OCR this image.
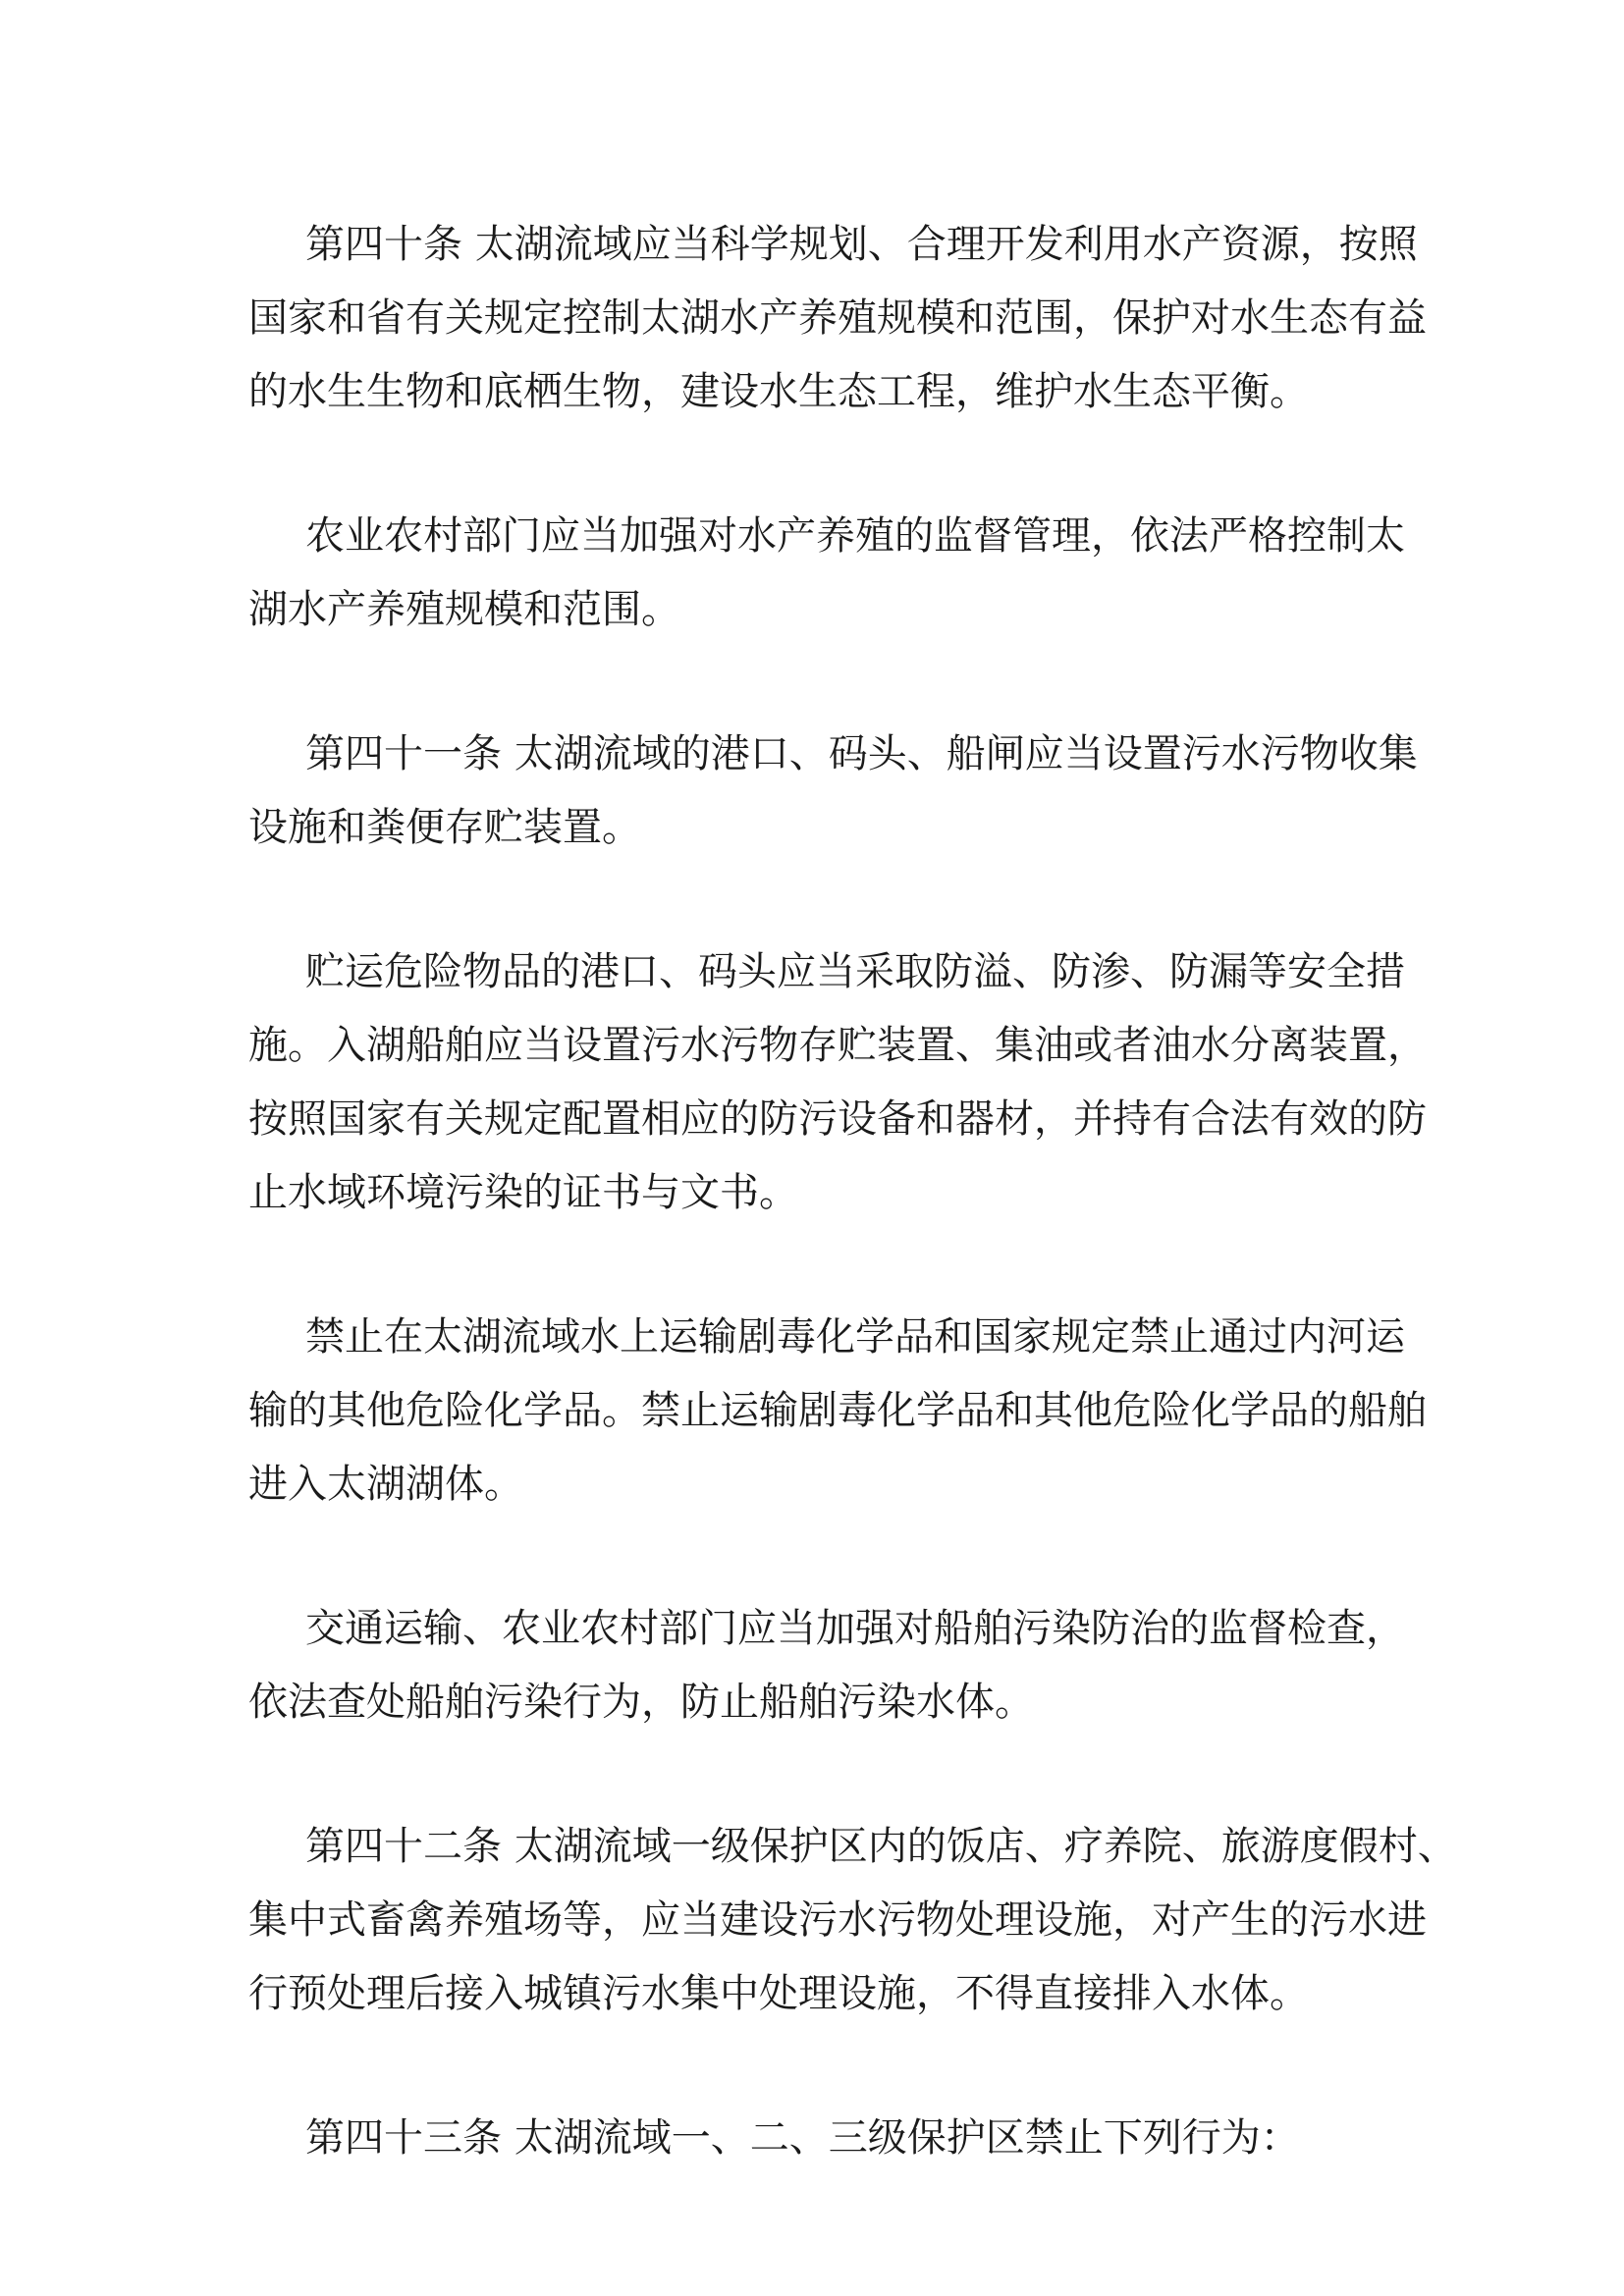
第四十条 太湖流域应当科学规划、合理开发利用水产资源，按照
国家和省有关规定控制太湖水产养殖规模和范围，保护对水生态有益
的水生生物和底栖生物，建设水生态工程，维护水生态平衡。
农业农村部门应当加强对水产养殖的监督管理，依法严格控制太
湖水产养殖规模和范围。
第四十一条 太湖流域的港口、码头、船闸应当设置污水污物收集
设施和粪便存贮装置。
贮运危险物品的港口、码头应当采取防溢、防渗、防漏等安全措
施。入湖船舶应当设置污水污物存贮装置、集油或者油水分离装置，
按照国家有关规定配置相应的防污设备和器材，并持有合法有效的防
止水域环境污染的证书与文书。
禁止在太湖流域水上运输剧毒化学品和国家规定禁止通过内河运
输的其他危险化学品。禁止运输剧毒化学品和其他危险化学品的船舶
进入太湖湖体。
交通运输、农业农村部门应当加强对船舶污染防治的监督检查，
依法查处船舶污染行为，防止船舶污染水体。
第四十二条 太湖流域一级保护区内的饭店、疗养院、旅游度假村、
集中式畜禽养殖场等，应当建设污水污物处理设施，对产生的污水进
行预处理后接入城镇污水集中处理设施，不得直接排入水体。
第四十三条 太湖流域一、二、三级保护区禁止下列行为：
